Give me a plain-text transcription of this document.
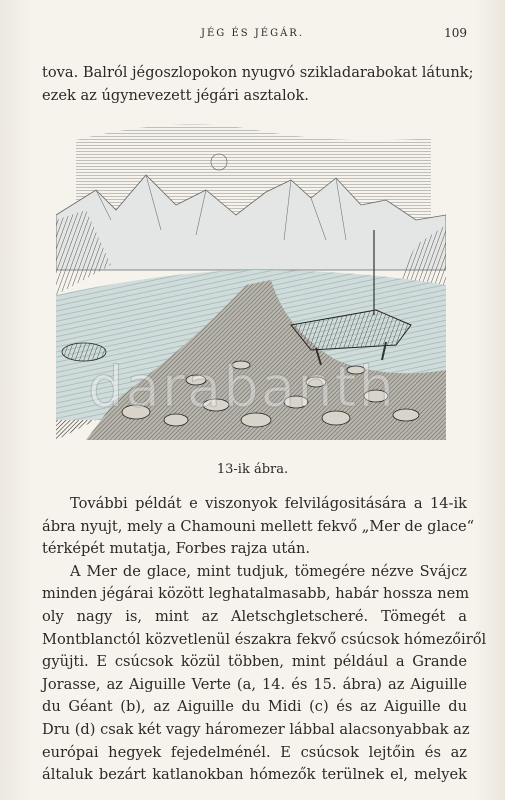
JÉG ÉS JÉGÁR.	109
tova. Balról jégoszlopokon nyugvó szikladarabokat látunk;
ezek az úgynevezett jégári asztalok.
darabanth
13-ik ábra.
További példát e viszonyok felvilágositására a 14-ik
ábra nyujt, mely a Chamouni mellett fekvő „Mer de glace“
térképét mutatja, Forbes rajza után.
A Mer de glace, mint tudjuk, tömegére nézve Svájcz
minden jégárai között leghatalmasabb, habár hossza nem
oly nagy is, mint az Aletschgletscheré. Tömegét a
Montblanctól közvetlenül északra fekvő csúcsok hómezőiről
gyüjti. E csúcsok közül többen, mint például a Grande
Jorasse, az Aiguille Verte (a, 14. és 15. ábra) az Aiguille
du Géant (b), az Aiguille du Midi (c) és az Aiguille du
Dru (d) csak két vagy háromezer lábbal alacsonyabbak az
európai hegyek fejedelménél. E csúcsok lejtőin és az
általuk bezárt katlanokban hómezők terülnek el, melyek
